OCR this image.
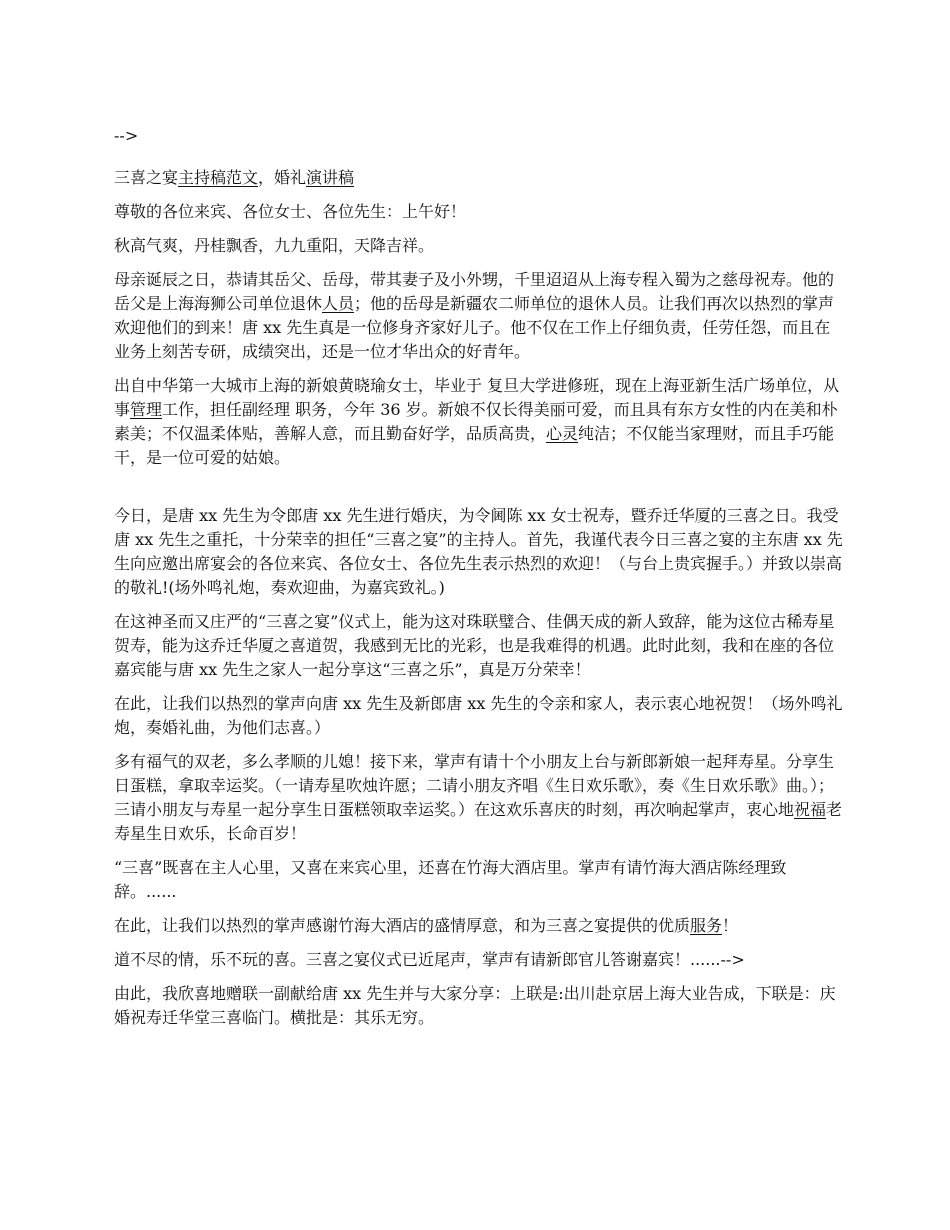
-->

三喜之宴主持稿范文，婚礼演讲稿

尊敬的各位来宾、各位女士、各位先生：上午好！

秋高气爽，丹桂飘香，九九重阳，天降吉祥。

母亲诞辰之日，恭请其岳父、岳母，带其妻子及小外甥，千里迢迢从上海专程入蜀为之慈母祝寿。他的岳父是上海海狮公司单位退休人员；他的岳母是新疆农二师单位的退休人员。让我们再次以热烈的掌声欢迎他们的到来！唐 xx 先生真是一位修身齐家好儿子。他不仅在工作上仔细负责，任劳任怨，而且在业务上刻苦专研，成绩突出，还是一位才华出众的好青年。

出自中华第一大城市上海的新娘黄晓瑜女士，毕业于 复旦大学进修班，现在上海亚新生活广场单位，从事管理工作，担任副经理 职务，今年 36 岁。新娘不仅长得美丽可爱，而且具有东方女性的内在美和朴素美；不仅温柔体贴，善解人意，而且勤奋好学，品质高贵，心灵纯洁；不仅能当家理财，而且手巧能干，是一位可爱的姑娘。

今日，是唐 xx 先生为令郎唐 xx 先生进行婚庆，为令阃陈 xx 女士祝寿，暨乔迁华厦的三喜之日。我受唐 xx 先生之重托，十分荣幸的担任“三喜之宴”的主持人。首先，我谨代表今日三喜之宴的主东唐 xx 先生向应邀出席宴会的各位来宾、各位女士、各位先生表示热烈的欢迎！（与台上贵宾握手。）并致以崇高的敬礼!(场外鸣礼炮，奏欢迎曲，为嘉宾致礼。)

在这神圣而又庄严的“三喜之宴”仪式上，能为这对珠联璧合、佳偶天成的新人致辞，能为这位古稀寿星贺寿，能为这乔迁华厦之喜道贺，我感到无比的光彩，也是我难得的机遇。此时此刻，我和在座的各位嘉宾能与唐 xx 先生之家人一起分享这“三喜之乐”，真是万分荣幸！

在此，让我们以热烈的掌声向唐 xx 先生及新郎唐 xx 先生的令亲和家人，表示衷心地祝贺！（场外鸣礼炮，奏婚礼曲，为他们志喜。）

多有福气的双老，多么孝顺的儿媳！接下来，掌声有请十个小朋友上台与新郎新娘一起拜寿星。分享生日蛋糕，拿取幸运奖。（一请寿星吹烛许愿；二请小朋友齐唱《生日欢乐歌》，奏《生日欢乐歌》曲。）；三请小朋友与寿星一起分享生日蛋糕领取幸运奖。）在这欢乐喜庆的时刻，再次响起掌声，衷心地祝福老寿星生日欢乐，长命百岁！

“三喜”既喜在主人心里，又喜在来宾心里，还喜在竹海大酒店里。掌声有请竹海大酒店陈经理致辞。......

在此，让我们以热烈的掌声感谢竹海大酒店的盛情厚意，和为三喜之宴提供的优质服务！

道不尽的情，乐不玩的喜。三喜之宴仪式已近尾声，掌声有请新郎官儿答谢嘉宾！......-->

由此，我欣喜地赠联一副献给唐 xx 先生并与大家分享：上联是:出川赴京居上海大业告成，下联是：庆婚祝寿迁华堂三喜临门。横批是：其乐无穷。
